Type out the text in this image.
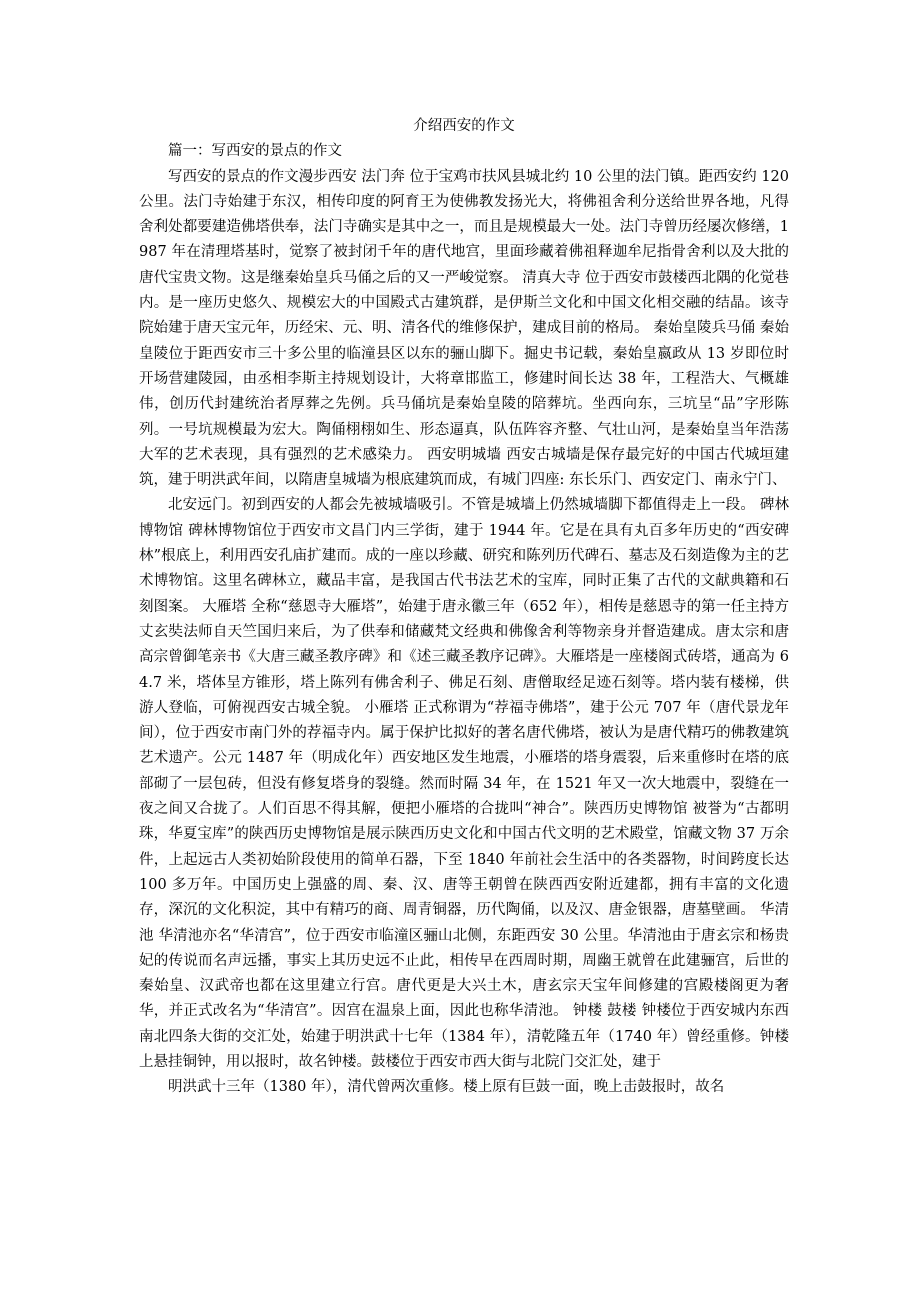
介绍西安的作文

篇一：写西安的景点的作文

写西安的景点的作文漫步西安 法门奔 位于宝鸡市扶风县城北约 10 公里的法门镇。距西安约 120 公里。法门寺始建于东汉，相传印度的阿育王为使佛教发扬光大，将佛祖舍利分送给世界各地，凡得舍利处都要建造佛塔供奉，法门寺确实是其中之一，而且是规模最大一处。法门寺曾历经屡次修缮，1987 年在清理塔基时，觉察了被封闭千年的唐代地宫，里面珍藏着佛祖释迦牟尼指骨舍利以及大批的唐代宝贵文物。这是继秦始皇兵马俑之后的又一严峻觉察。 清真大寺 位于西安市鼓楼西北隅的化觉巷内。是一座历史悠久、规模宏大的中国殿式古建筑群，是伊斯兰文化和中国文化相交融的结晶。该寺院始建于唐天宝元年，历经宋、元、明、清各代的维修保护，建成目前的格局。 秦始皇陵兵马俑 秦始皇陵位于距西安市三十多公里的临潼县区以东的骊山脚下。掘史书记载，秦始皇嬴政从 13 岁即位时开场营建陵园，由丞相李斯主持规划设计，大将章邯监工，修建时间长达 38 年，工程浩大、气概雄伟，创历代封建统治者厚葬之先例。兵马俑坑是秦始皇陵的陪葬坑。坐西向东，三坑呈“品”字形陈列。一号坑规模最为宏大。陶俑栩栩如生、形态逼真，队伍阵容齐整、气壮山河，是秦始皇当年浩荡大军的艺术表现，具有强烈的艺术感染力。 西安明城墙 西安古城墙是保存最完好的中国古代城垣建筑，建于明洪武年间，以隋唐皇城墙为根底建筑而成，有城门四座: 东长乐门、西安定门、南永宁门、

北安远门。初到西安的人都会先被城墙吸引。不管是城墙上仍然城墙脚下都值得走上一段。 碑林博物馆 碑林博物馆位于西安市文昌门内三学街，建于 1944 年。它是在具有丸百多年历史的“西安碑林”根底上，利用西安孔庙扩建而。成的一座以珍藏、研究和陈列历代碑石、墓志及石刻造像为主的艺术博物馆。这里名碑林立，藏品丰富，是我国古代书法艺术的宝库，同时正集了古代的文献典籍和石刻图案。 大雁塔 全称“慈恩寺大雁塔”，始建于唐永徽三年（652 年），相传是慈恩寺的第一任主持方丈玄奘法师自天竺国归来后，为了供奉和储藏梵文经典和佛像舍利等物亲身并督造建成。唐太宗和唐高宗曾御笔亲书《大唐三藏圣教序碑》和《述三藏圣教序记碑》。大雁塔是一座楼阁式砖塔，通高为 64.7 米，塔体呈方锥形，塔上陈列有佛舍利子、佛足石刻、唐僧取经足迹石刻等。塔内装有楼梯，供游人登临，可俯视西安古城全貌。 小雁塔 正式称谓为“荐福寺佛塔”，建于公元 707 年（唐代景龙年间），位于西安市南门外的荐福寺内。属于保护比拟好的著名唐代佛塔，被认为是唐代精巧的佛教建筑艺术遗产。公元 1487 年（明成化年）西安地区发生地震，小雁塔的塔身震裂，后来重修时在塔的底部砌了一层包砖，但没有修复塔身的裂缝。然而时隔 34 年，在 1521 年又一次大地震中，裂缝在一夜之间又合拢了。人们百思不得其解，便把小雁塔的合拢叫“神合”。陕西历史博物馆 被誉为“古都明珠，华夏宝库”的陕西历史博物馆是展示陕西历史文化和中国古代文明的艺术殿堂，馆藏文物 37 万余件，上起远古人类初始阶段使用的简单石器，下至 1840 年前社会生活中的各类器物，时间跨度长达 100 多万年。中国历史上强盛的周、秦、汉、唐等王朝曾在陕西西安附近建都，拥有丰富的文化遗存，深沉的文化积淀，其中有精巧的商、周青铜器，历代陶俑，以及汉、唐金银器，唐墓壁画。 华清池 华清池亦名“华清宫”，位于西安市临潼区骊山北侧，东距西安 30 公里。华清池由于唐玄宗和杨贵妃的传说而名声远播，事实上其历史远不止此，相传早在西周时期，周幽王就曾在此建骊宫，后世的秦始皇、汉武帝也都在这里建立行宫。唐代更是大兴土木，唐玄宗天宝年间修建的宫殿楼阁更为奢华，并正式改名为“华清宫”。因宫在温泉上面，因此也称华清池。 钟楼 鼓楼 钟楼位于西安城内东西南北四条大街的交汇处，始建于明洪武十七年（1384 年），清乾隆五年（1740 年）曾经重修。钟楼上悬挂铜钟，用以报时，故名钟楼。鼓楼位于西安市西大街与北院门交汇处，建于

明洪武十三年（1380 年），清代曾两次重修。楼上原有巨鼓一面，晚上击鼓报时，故名
